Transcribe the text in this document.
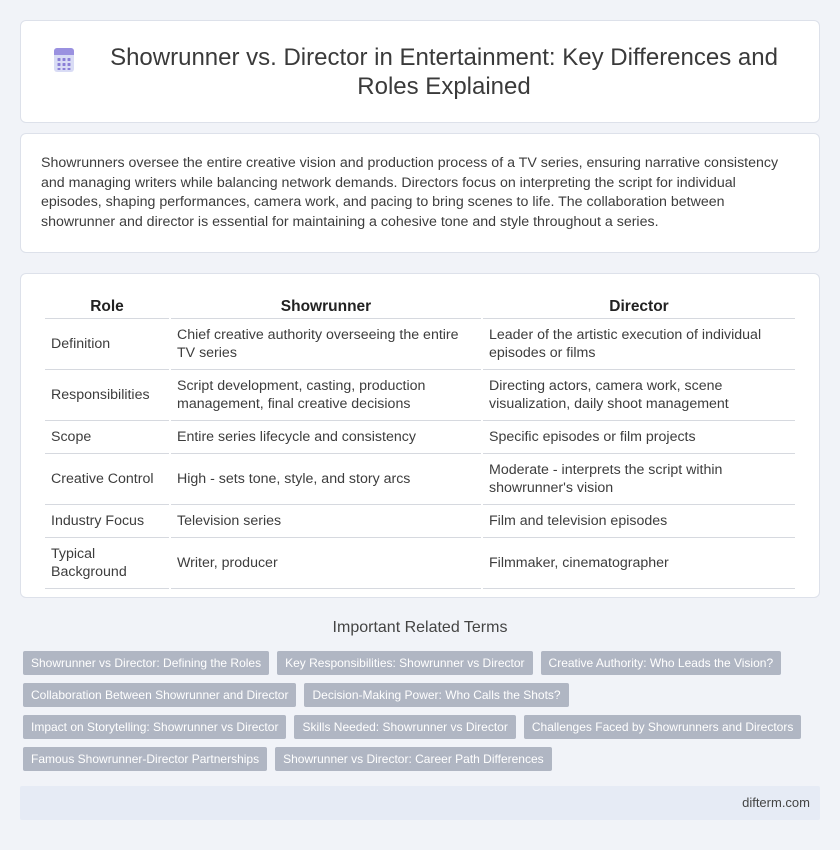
Showrunner vs. Director in Entertainment: Key Differences and Roles Explained

Showrunners oversee the entire creative vision and production process of a TV series, ensuring narrative consistency and managing writers while balancing network demands. Directors focus on interpreting the script for individual episodes, shaping performances, camera work, and pacing to bring scenes to life. The collaboration between showrunner and director is essential for maintaining a cohesive tone and style throughout a series.

Role	Showrunner	Director
Definition	Chief creative authority overseeing the entire TV series	Leader of the artistic execution of individual episodes or films
Responsibilities	Script development, casting, production management, final creative decisions	Directing actors, camera work, scene visualization, daily shoot management
Scope	Entire series lifecycle and consistency	Specific episodes or film projects
Creative Control	High - sets tone, style, and story arcs	Moderate - interprets the script within showrunner's vision
Industry Focus	Television series	Film and television episodes
Typical Background	Writer, producer	Filmmaker, cinematographer
Important Related Terms
Showrunner vs Director: Defining the Roles	Key Responsibilities: Showrunner vs Director	Creative Authority: Who Leads the Vision?
Collaboration Between Showrunner and Director	Decision-Making Power: Who Calls the Shots?
Impact on Storytelling: Showrunner vs Director	Skills Needed: Showrunner vs Director	Challenges Faced by Showrunners and Directors
Famous Showrunner-Director Partnerships	Showrunner vs Director: Career Path Differences
difterm.com
